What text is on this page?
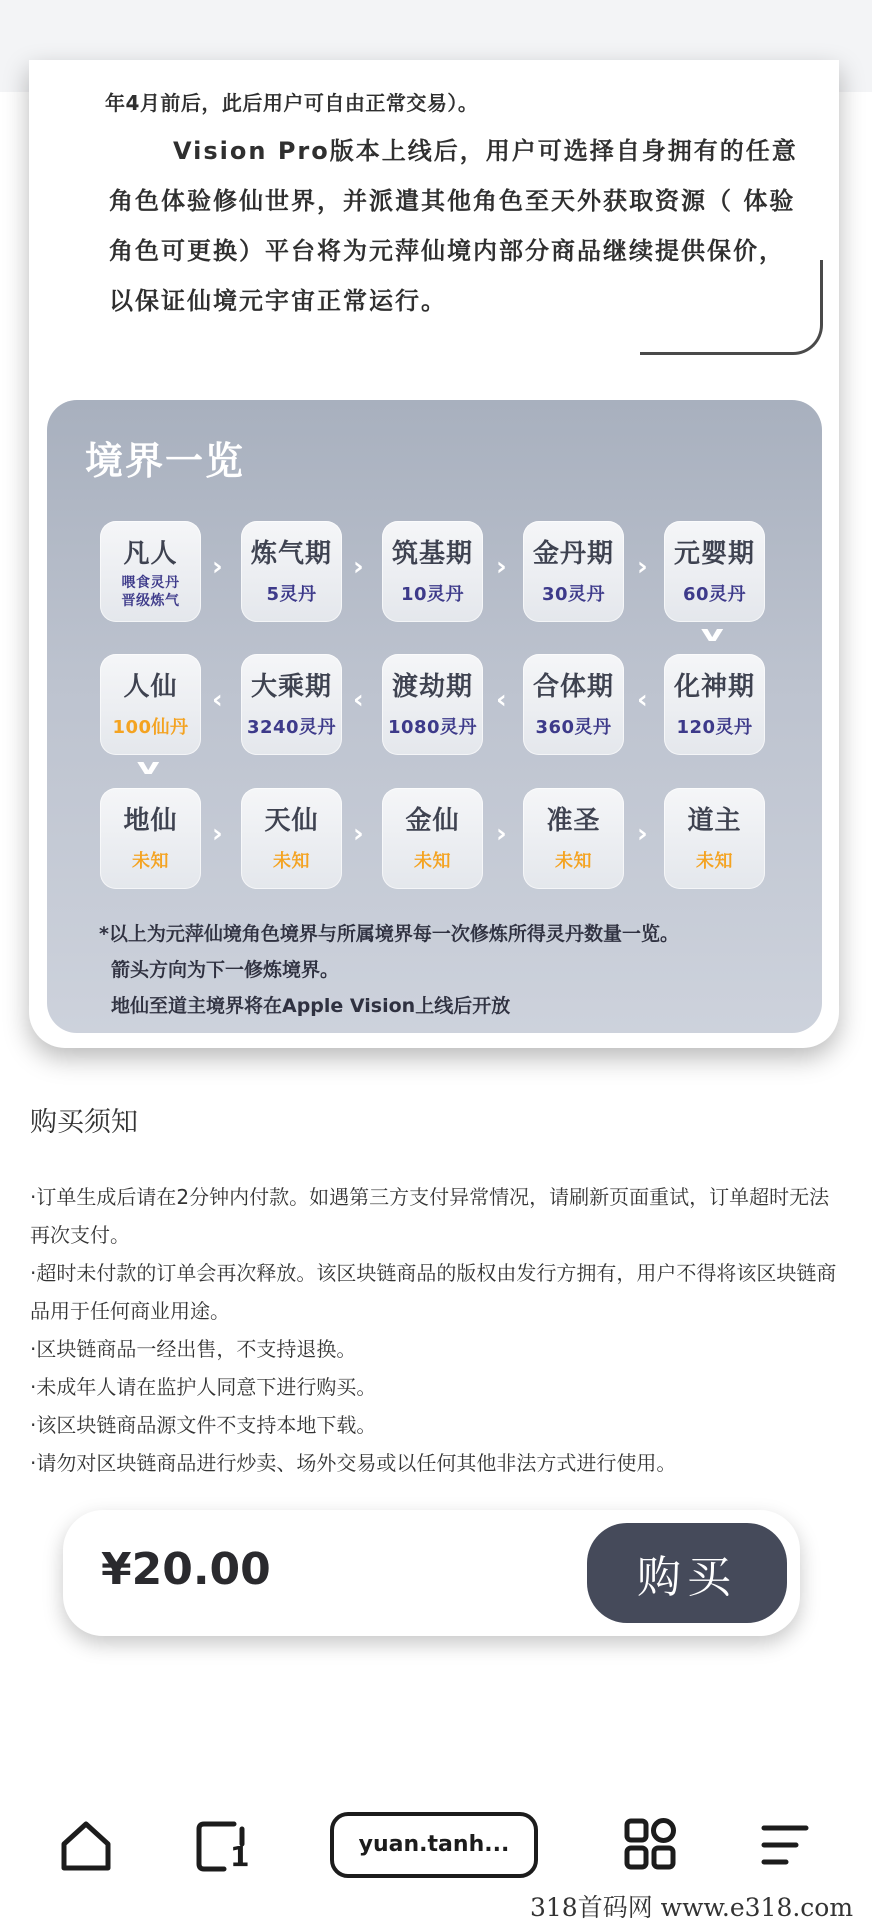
年4月前后，此后用户可自由正常交易）。
Vision Pro版本上线后，用户可选择自身拥有的任意角色体验修仙世界，并派遣其他角色至天外获取资源（ 体验角色可更换）平台将为元萍仙境内部分商品继续提供保价，以保证仙境元宇宙正常运行。
境界一览
凡人
喂食灵丹
晋级炼气
›	炼气期
5灵丹
›	筑基期
10灵丹
›	金丹期
30灵丹
›	元婴期
60灵丹
v
人仙
100仙丹
‹	大乘期
3240灵丹
‹	渡劫期
1080灵丹
‹	合体期
360灵丹
‹	化神期
120灵丹
v
地仙
未知
›	天仙
未知
›	金仙
未知
›	准圣
未知
›	道主
未知
*以上为元萍仙境角色境界与所属境界每一次修炼所得灵丹数量一览。
箭头方向为下一修炼境界。
地仙至道主境界将在Apple Vision上线后开放
购买须知
·订单生成后请在2分钟内付款。如遇第三方支付异常情况，请刷新页面重试，订单超时无法再次支付。
·超时未付款的订单会再次释放。该区块链商品的版权由发行方拥有，用户不得将该区块链商品用于任何商业用途。
·区块链商品一经出售，不支持退换。
·未成年人请在监护人同意下进行购买。
·该区块链商品源文件不支持本地下载。
·请勿对区块链商品进行炒卖、场外交易或以任何其他非法方式进行使用。
¥20.00	购买
1	yuan.tanh...
318首码网 www.e318.com
